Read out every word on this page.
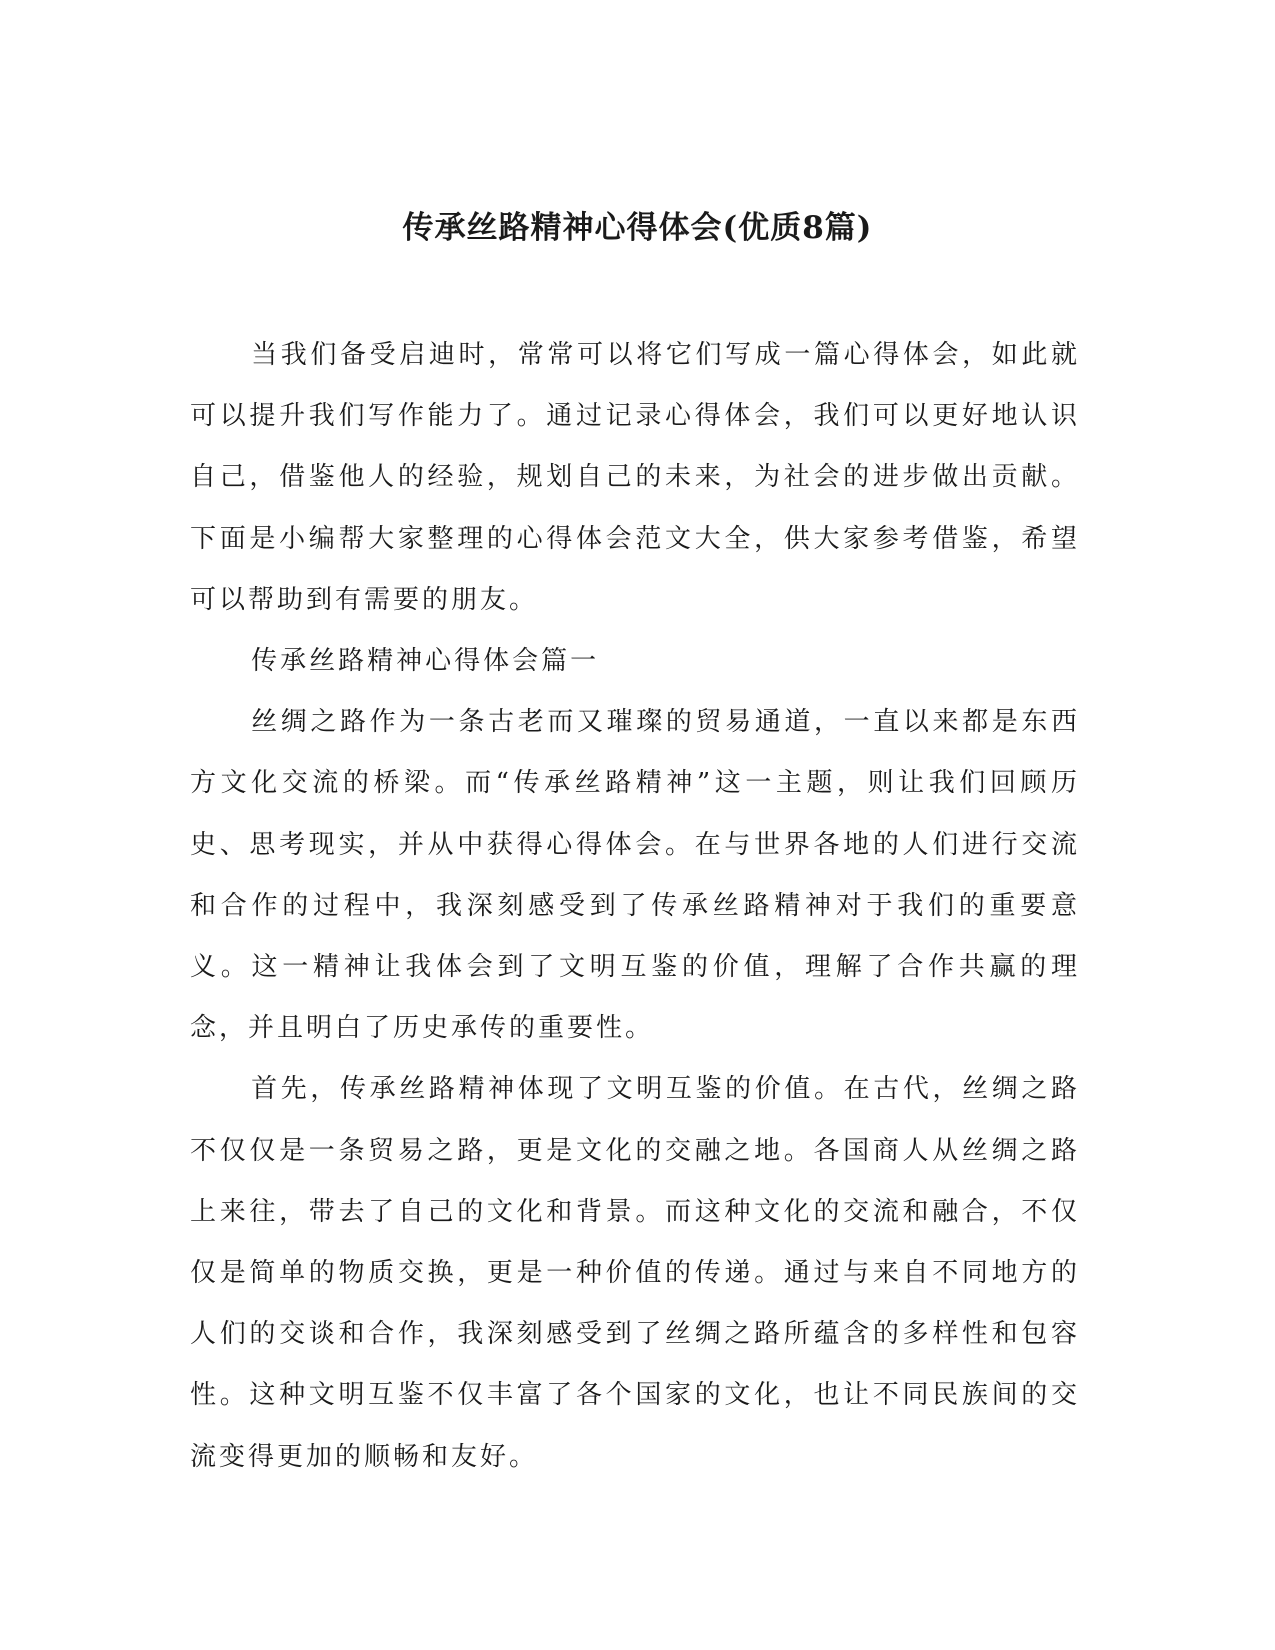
传承丝路精神心得体会(优质8篇)

当我们备受启迪时，常常可以将它们写成一篇心得体会，如此就可以提升我们写作能力了。通过记录心得体会，我们可以更好地认识自己，借鉴他人的经验，规划自己的未来，为社会的进步做出贡献。下面是小编帮大家整理的心得体会范文大全，供大家参考借鉴，希望可以帮助到有需要的朋友。

传承丝路精神心得体会篇一

丝绸之路作为一条古老而又璀璨的贸易通道，一直以来都是东西方文化交流的桥梁。而“传承丝路精神”这一主题，则让我们回顾历史、思考现实，并从中获得心得体会。在与世界各地的人们进行交流和合作的过程中，我深刻感受到了传承丝路精神对于我们的重要意义。这一精神让我体会到了文明互鉴的价值，理解了合作共赢的理念，并且明白了历史承传的重要性。

首先，传承丝路精神体现了文明互鉴的价值。在古代，丝绸之路不仅仅是一条贸易之路，更是文化的交融之地。各国商人从丝绸之路上来往，带去了自己的文化和背景。而这种文化的交流和融合，不仅仅是简单的物质交换，更是一种价值的传递。通过与来自不同地方的人们的交谈和合作，我深刻感受到了丝绸之路所蕴含的多样性和包容性。这种文明互鉴不仅丰富了各个国家的文化，也让不同民族间的交流变得更加的顺畅和友好。
